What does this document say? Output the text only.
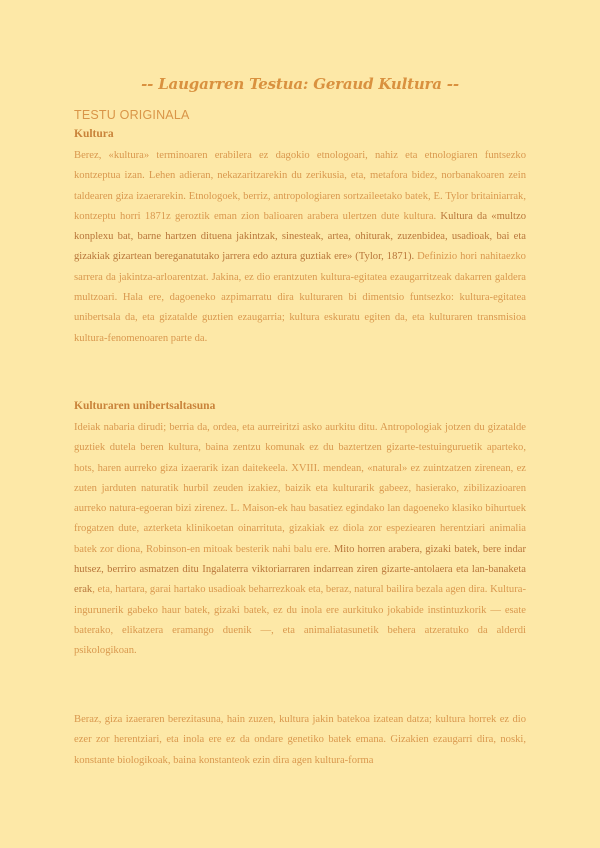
-- Laugarren Testua: Geraud Kultura --
TESTU ORIGINALA
Kultura

Berez, «kultura» terminoaren erabilera ez dagokio etnologoari, nahiz eta etnologiaren funtsezko kontzeptua izan. Lehen adieran, nekazaritzarekin du zerikusia, eta, metafora bidez, norbanakoaren zein taldearen giza izaerarekin. Etnologoek, berriz, antropologiaren sortzaileetako batek, E. Tylor britainiarrak, kontzeptu horri 1871z geroztik eman zion balioaren arabera ulertzen dute kultura. Kultura da «multzo konplexu bat, barne hartzen dituena jakintzak, sinesteak, artea, ohiturak, zuzenbidea, usadioak, bai eta gizakiak gizartean bereganatutako jarrera edo aztura guztiak ere» (Tylor, 1871). Definizio hori nahitaezko sarrera da jakintza-arloarentzat. Jakina, ez dio erantzuten kultura-egitatea ezaugarritzeak dakarren galdera multzoari. Hala ere, dagoeneko azpimarratu dira kulturaren bi dimentsio funtsezko: kultura-egitatea unibertsala da, eta gizatalde guztien ezaugarria; kultura eskuratu egiten da, eta kulturaren transmisioa kultura-fenomenoaren parte da.

Kulturaren unibertsaltasuna

Ideiak nabaria dirudi; berria da, ordea, eta aurreiritzi asko aurkitu ditu. Antropologiak jotzen du gizatalde guztiek dutela beren kultura, baina zentzu komunak ez du baztertzen gizarte-testuinguruetik aparteko, hots, haren aurreko giza izaerarik izan daitekeela. XVIII. mendean, «natural» ez zuintzatzen zirenean, ez zuten jarduten naturatik hurbil zeuden izakiez, baizik eta kulturarik gabeez, hasierako, zibilizazioaren aurreko natura-egoeran bizi zirenez. L. Maison-ek hau basatiez egindako lan dagoeneko klasiko bihurtuek frogatzen dute, azterketa klinikoetan oinarrituta, gizakiak ez diola zor espeziearen herentziari animalia batek zor diona, Robinson-en mitoak besterik nahi balu ere. Mito horren arabera, gizaki batek, bere indar hutsez, berriro asmatzen ditu Ingalaterra viktoriarraren indarrean ziren gizarte-antolaera eta lan-banaketa erak, eta, hartara, garai hartako usadioak beharrezkoak eta, beraz, natural bailira bezala agen dira. Kultura-ingurunerik gabeko haur batek, gizaki batek, ez du inola ere aurkituko jokabide instintuzkorik — esate baterako, elikatzera eramango duenik —, eta animaliatasunetik behera atzeratuko da alderdi psikologikoan.

Beraz, giza izaeraren berezitasuna, hain zuzen, kultura jakin batekoa izatean datza; kultura horrek ez dio ezer zor herentziari, eta inola ere ez da ondare genetiko batek emana. Gizakien ezaugarri dira, noski, konstante biologikoak, baina konstanteok ezin dira agen kultura-forma
